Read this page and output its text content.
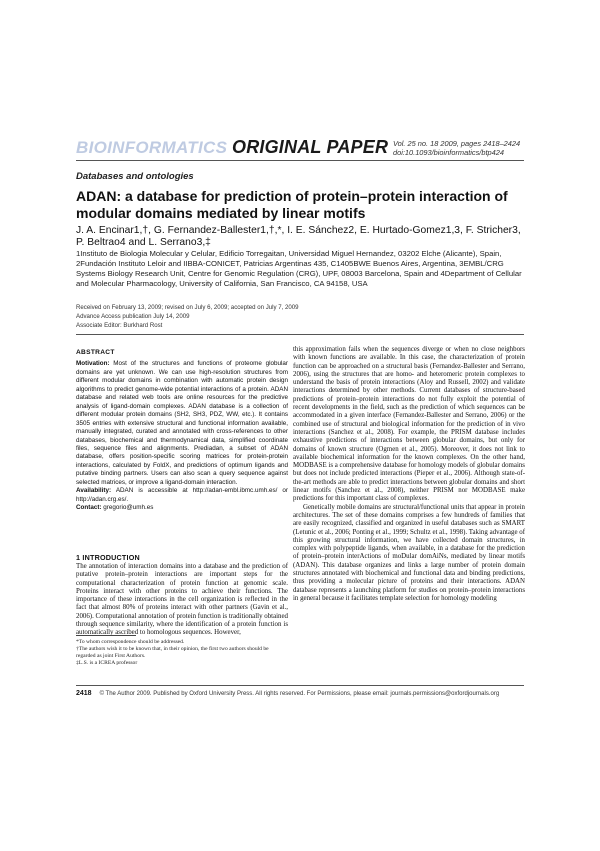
BIOINFORMATICS ORIGINAL PAPER Vol. 25 no. 18 2009, pages 2418–2424
doi:10.1093/bioinformatics/btp424
Databases and ontologies
ADAN: a database for prediction of protein–protein interaction of modular domains mediated by linear motifs
J. A. Encinar1,†, G. Fernandez-Ballester1,†,*, I. E. Sánchez2, E. Hurtado-Gomez1,3, F. Stricher3, P. Beltrao4 and L. Serrano3,‡
1Instituto de Biologia Molecular y Celular, Edificio Torregaitan, Universidad Miguel Hernandez, 03202 Elche (Alicante), Spain, 2Fundación Instituto Leloir and IIBBA-CONICET, Patricias Argentinas 435, C1405BWE Buenos Aires, Argentina, 3EMBL/CRG Systems Biology Research Unit, Centre for Genomic Regulation (CRG), UPF, 08003 Barcelona, Spain and 4Department of Cellular and Molecular Pharmacology, University of California, San Francisco, CA 94158, USA
Received on February 13, 2009; revised on July 6, 2009; accepted on July 7, 2009
Advance Access publication July 14, 2009
Associate Editor: Burkhard Rost
ABSTRACT

Motivation: Most of the structures and functions of proteome globular domains are yet unknown. We can use high-resolution structures from different modular domains in combination with automatic protein design algorithms to predict genome-wide potential interactions of a protein. ADAN database and related web tools are online resources for the predictive analysis of ligand-domain complexes. ADAN database is a collection of different modular protein domains (SH2, SH3, PDZ, WW, etc.). It contains 3505 entries with extensive structural and functional information available, manually integrated, curated and annotated with cross-references to other databases, biochemical and thermodynamical data, simplified coordinate files, sequence files and alignments. Prediadan, a subset of ADAN database, offers position-specific scoring matrices for protein-protein interactions, calculated by FoldX, and predictions of optimum ligands and putative binding partners. Users can also scan a query sequence against selected matrices, or improve a ligand-domain interaction.

Availability: ADAN is accessible at http://adan-embl.ibmc.umh.es/ or http://adan.crg.es/.

Contact: gregorio@umh.es

1 INTRODUCTION
The annotation of interaction domains into a database and the prediction of putative protein–protein interactions are important steps for the computational characterization of protein function at genomic scale. Proteins interact with other proteins to achieve their functions. The importance of these interactions in the cell organization is reflected in the fact that almost 80% of proteins interact with other partners (Gavin et al., 2006). Computational annotation of protein function is traditionally obtained through sequence similarity, where the identification of a protein function is automatically ascribed to homologous sequences. However,
*To whom correspondence should be addressed.
†The authors wish it to be known that, in their opinion, the first two authors should be regarded as joint First Authors.
‡L.S. is a ICREA professor

this approximation fails when the sequences diverge or when no close neighbors with known functions are available. In this case, the characterization of protein function can be approached on a structural basis (Fernandez-Ballester and Serrano, 2006), using the structures that are homo- and heteromeric protein complexes to understand the basis of protein interactions (Aloy and Russell, 2002) and validate interactions determined by other methods. Current databases of structure-based predictions of protein–protein interactions do not fully exploit the potential of recent developments in the field, such as the prediction of which sequences can be accommodated in a given interface (Fernandez-Ballester and Serrano, 2006) or the combined use of structural and biological information for the prediction of in vivo interactions (Sanchez et al., 2008). For example, the PRISM database includes exhaustive predictions of interactions between globular domains, but only for domains of known structure (Ogmen et al., 2005). Moreover, it does not link to available biochemical information for the known complexes. On the other hand, MODBASE is a comprehensive database for homology models of globular domains but does not include predicted interactions (Pieper et al., 2006). Although state-of-the-art methods are able to predict interactions between globular domains and short linear motifs (Sanchez et al., 2008), neither PRISM nor MODBASE make predictions for this important class of complexes.

Genetically mobile domains are structural/functional units that appear in protein architectures. The set of these domains comprises a few hundreds of families that are easily recognized, classified and organized in useful databases such as SMART (Letunic et al., 2006; Ponting et al., 1999; Schultz et al., 1998). Taking advantage of this growing structural information, we have collected domain structures, in complex with polypeptide ligands, when available, in a database for the prediction of protein–protein interActions of moDular domAiNs, mediated by linear motifs (ADAN). This database organizes and links a large number of protein domain structures annotated with biochemical and functional data and binding predictions, thus providing a molecular picture of proteins and their interactions. ADAN database represents a launching platform for studies on protein–protein interactions in general because it facilitates template selection for homology modeling

2418 © The Author 2009. Published by Oxford University Press. All rights reserved. For Permissions, please email: journals.permissions@oxfordjournals.org
